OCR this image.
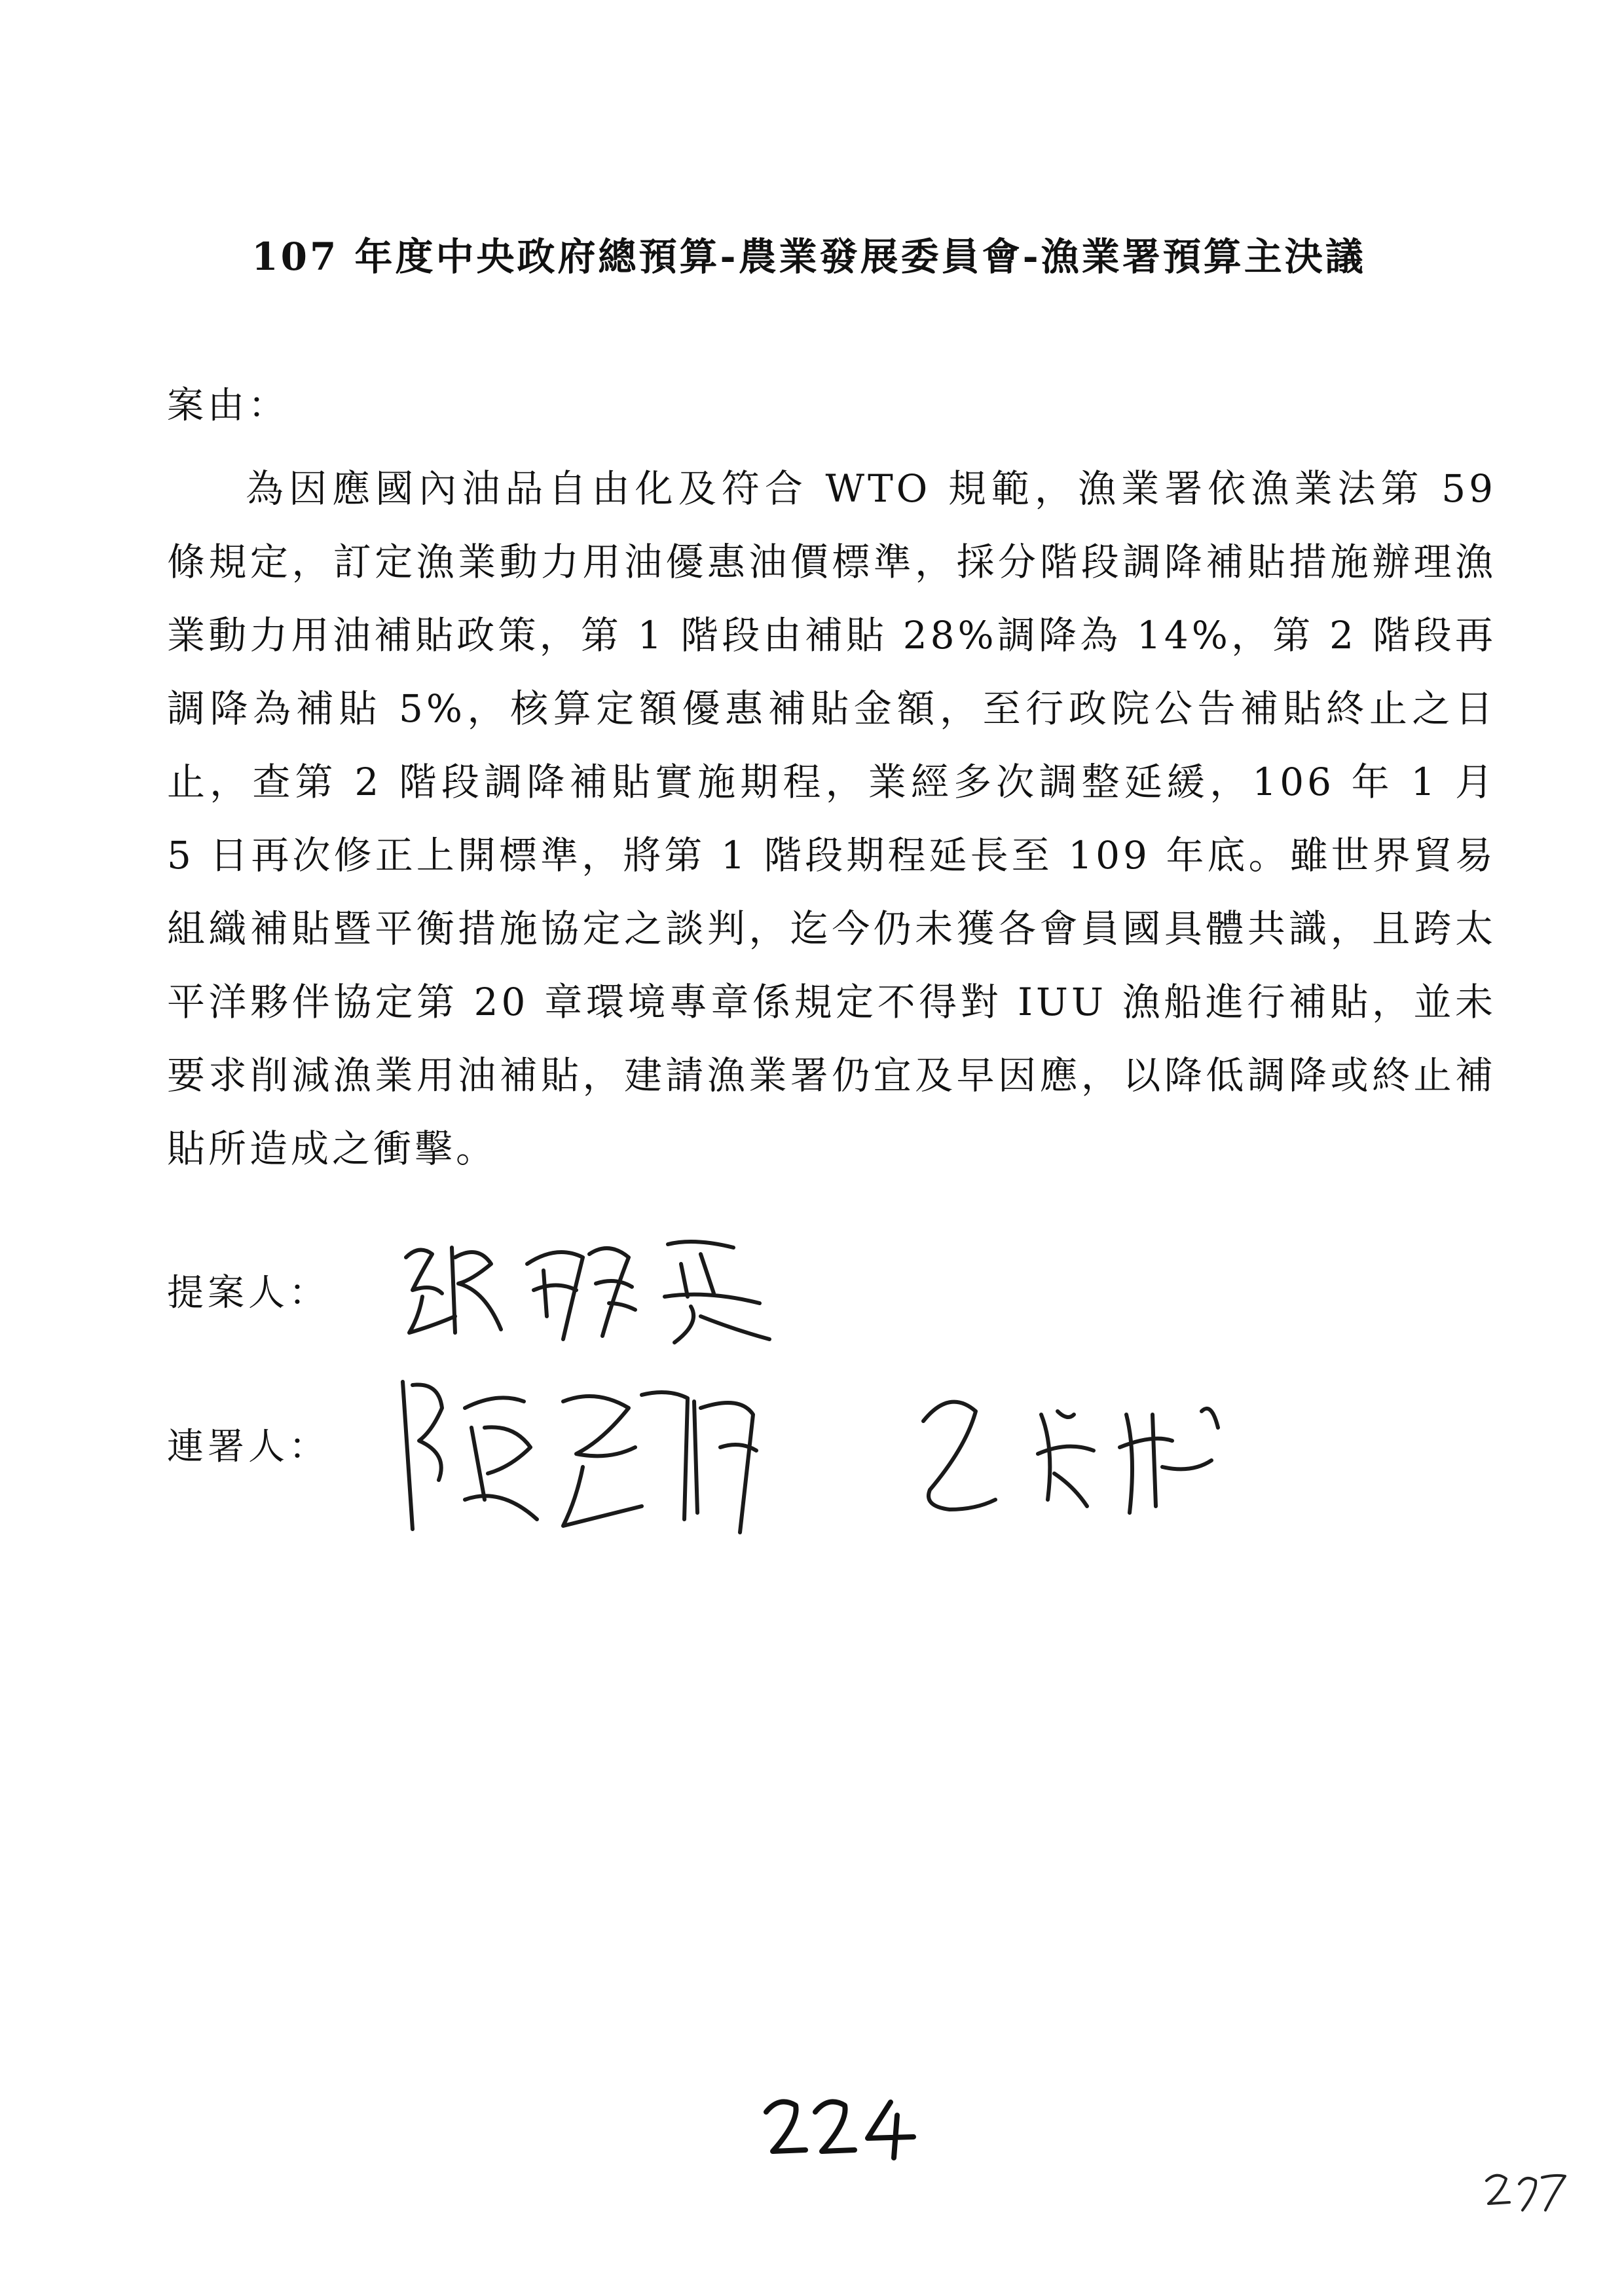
107 年度中央政府總預算-農業發展委員會-漁業署預算主決議
案由：

為因應國內油品自由化及符合 WTO 規範，漁業署依漁業法第 59 條規定，訂定漁業動力用油優惠油價標準，採分階段調降補貼措施辦理漁業動力用油補貼政策，第 1 階段由補貼 28%調降為 14%，第 2 階段再調降為補貼 5%，核算定額優惠補貼金額，至行政院公告補貼終止之日止，查第 2 階段調降補貼實施期程，業經多次調整延緩，106 年 1 月 5 日再次修正上開標準，將第 1 階段期程延長至 109 年底。雖世界貿易組織補貼暨平衡措施協定之談判，迄今仍未獲各會員國具體共識，且跨太平洋夥伴協定第 20 章環境專章係規定不得對 IUU 漁船進行補貼，並未要求削減漁業用油補貼，建請漁業署仍宜及早因應，以降低調降或終止補貼所造成之衝擊。

提案人：
連署人：
